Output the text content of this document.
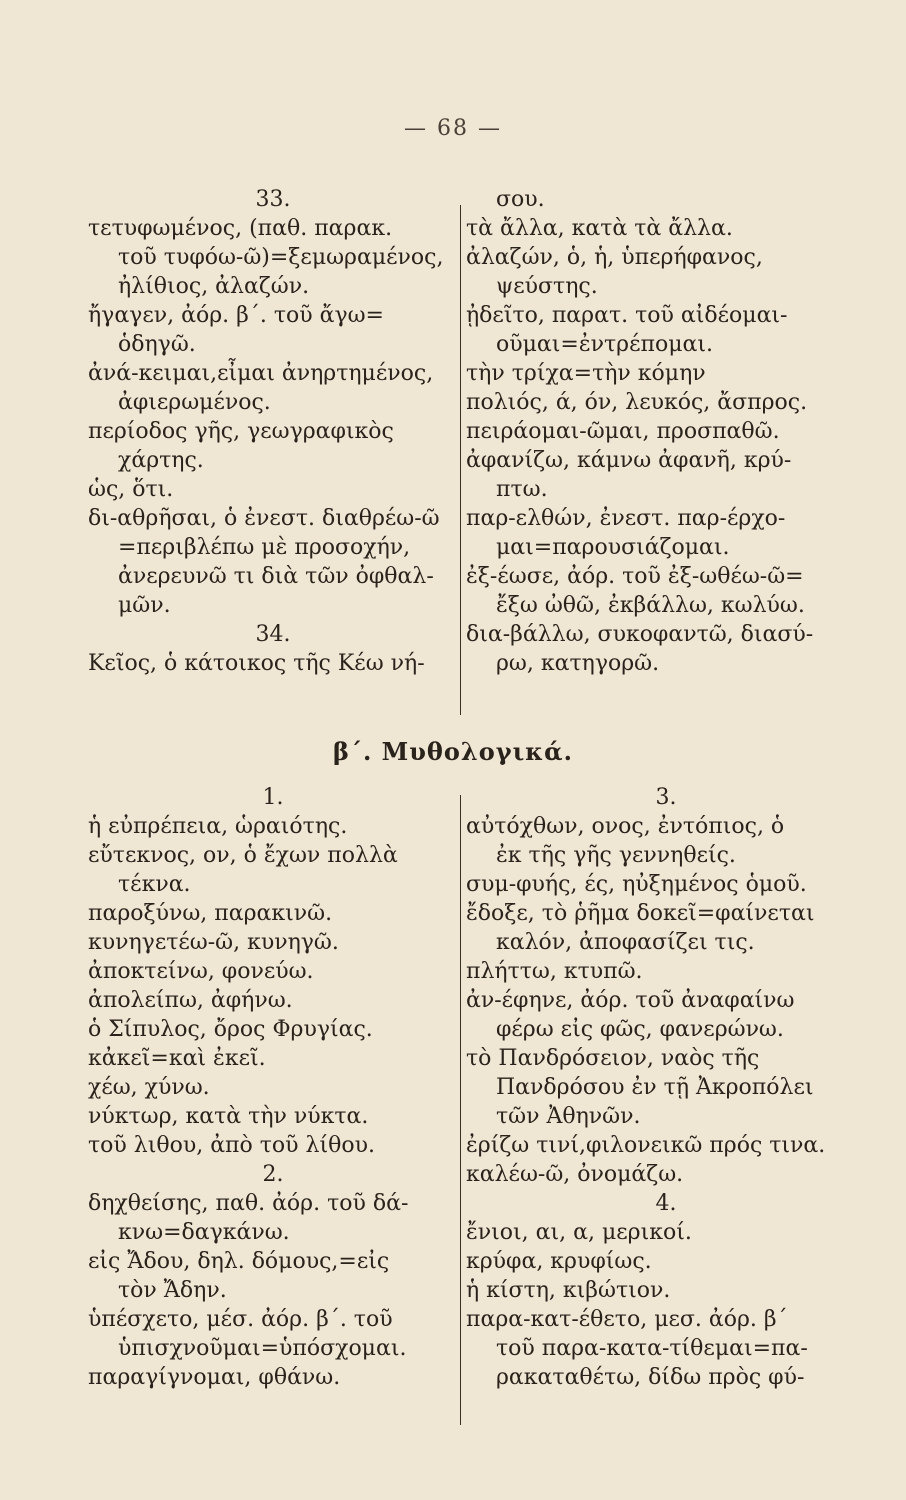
— 68 —
33.
τετυφωμένος, (παθ. παρακ.
τοῦ τυφόω-ῶ)=ξεμωραμένος,
ἠλίθιος, ἀλαζών.
ἤγαγεν, ἀόρ. β΄. τοῦ ἄγω=
ὁδηγῶ.
ἀνά-κειμαι,εἶμαι ἀνηρτημένος,
ἀφιερωμένος.
περίοδος γῆς, γεωγραφικὸς
χάρτης.
ὡς, ὅτι.
δι-αθρῆσαι, ὁ ἐνεστ. διαθρέω-ῶ
=περιβλέπω μὲ προσοχήν,
ἀνερευνῶ τι διὰ τῶν ὀφθαλ-
μῶν.
34.
Κεῖος, ὁ κάτοικος τῆς Κέω νή-
σου.
τὰ ἄλλα, κατὰ τὰ ἄλλα.
ἀλαζών, ὁ, ἡ, ὑπερήφανος,
ψεύστης.
ᾐδεῖτο, παρατ. τοῦ αἰδέομαι-
οῦμαι=ἐντρέπομαι.
τὴν τρίχα=τὴν κόμην
πολιός, ά, όν, λευκός, ἄσπρος.
πειράομαι-ῶμαι, προσπαθῶ.
ἀφανίζω, κάμνω ἀφανῆ, κρύ-
πτω.
παρ-ελθών, ἐνεστ. παρ-έρχο-
μαι=παρουσιάζομαι.
ἐξ-έωσε, ἀόρ. τοῦ ἐξ-ωθέω-ῶ=
ἔξω ὠθῶ, ἐκβάλλω, κωλύω.
δια-βάλλω, συκοφαντῶ, διασύ-
ρω, κατηγορῶ.
β΄. Μυθολογικά.
1.
ἡ εὐπρέπεια, ὡραιότης.
εὔτεκνος, ον, ὁ ἔχων πολλὰ
τέκνα.
παροξύνω, παρακινῶ.
κυνηγετέω-ῶ, κυνηγῶ.
ἀποκτείνω, φονεύω.
ἀπολείπω, ἀφήνω.
ὁ Σίπυλος, ὄρος Φρυγίας.
κἀκεῖ=καὶ ἐκεῖ.
χέω, χύνω.
νύκτωρ, κατὰ τὴν νύκτα.
τοῦ λιθου, ἀπὸ τοῦ λίθου.
2.
δηχθείσης, παθ. ἀόρ. τοῦ δά-
κνω=δαγκάνω.
εἰς Ἄδου, δηλ. δόμους,=εἰς
τὸν Ἄδην.
ὑπέσχετο, μέσ. ἀόρ. β΄. τοῦ
ὑπισχνοῦμαι=ὑπόσχομαι.
παραγίγνομαι, φθάνω.
3.
αὐτόχθων, ονος, ἐντόπιος, ὁ
ἐκ τῆς γῆς γεννηθείς.
συμ-φυής, ές, ηὐξημένος ὁμοῦ.
ἔδοξε, τὸ ῥῆμα δοκεῖ=φαίνεται
καλόν, ἀποφασίζει τις.
πλήττω, κτυπῶ.
ἀν-έφηνε, ἀόρ. τοῦ ἀναφαίνω
φέρω εἰς φῶς, φανερώνω.
τὸ Πανδρόσειον, ναὸς τῆς
Πανδρόσου ἐν τῇ Ἀκροπόλει
τῶν Ἀθηνῶν.
ἐρίζω τινί,φιλονεικῶ πρός τινα.
καλέω-ῶ, ὀνομάζω.
4.
ἔνιοι, αι, α, μερικοί.
κρύφα, κρυφίως.
ἡ κίστη, κιβώτιον.
παρα-κατ-έθετο, μεσ. ἀόρ. β΄
τοῦ παρα-κατα-τίθεμαι=πα-
ρακαταθέτω, δίδω πρὸς φύ-
